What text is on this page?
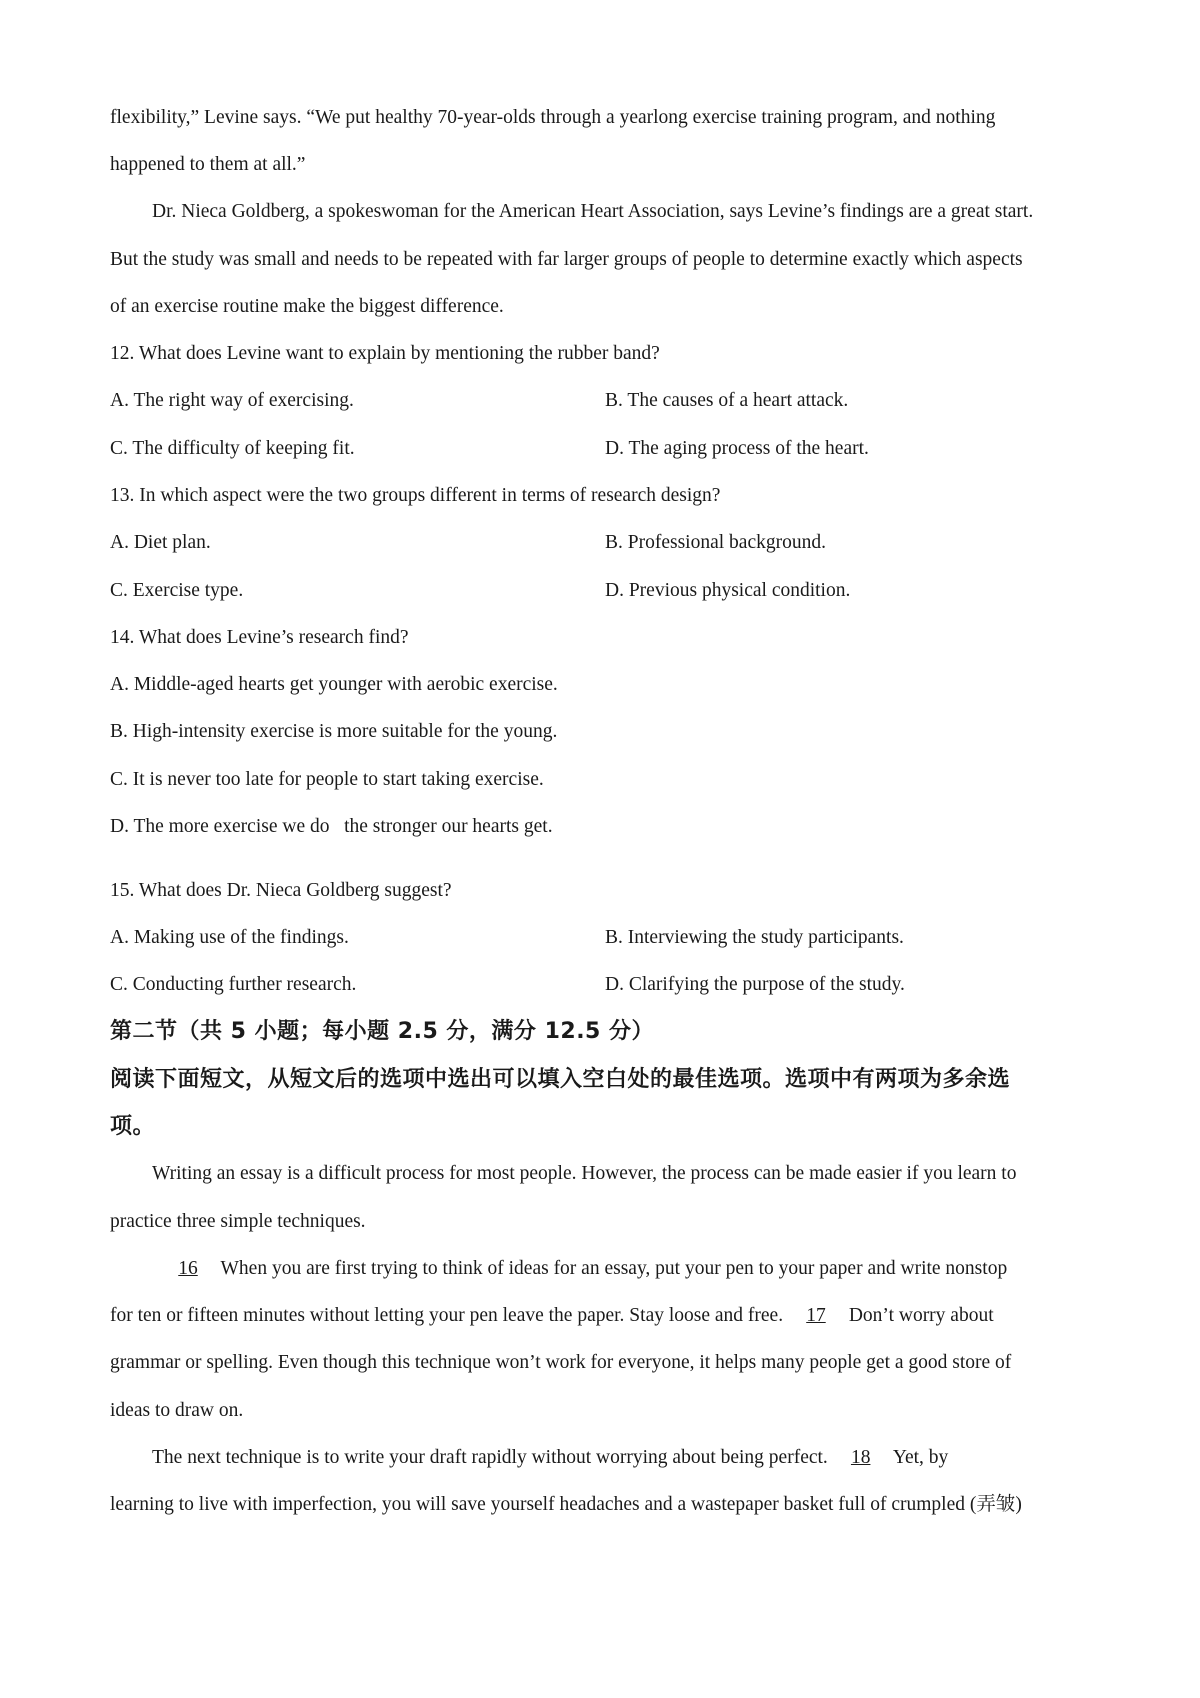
flexibility,” Levine says. “We put healthy 70-year-olds through a yearlong exercise training program, and nothing
happened to them at all.”
Dr. Nieca Goldberg, a spokeswoman for the American Heart Association, says Levine’s findings are a great start.
But the study was small and needs to be repeated with far larger groups of people to determine exactly which aspects
of an exercise routine make the biggest difference.
12. What does Levine want to explain by mentioning the rubber band?
A. The right way of exercising.	B. The causes of a heart attack.
C. The difficulty of keeping fit.	D. The aging process of the heart.
13. In which aspect were the two groups different in terms of research design?
A. Diet plan.	B. Professional background.
C. Exercise type.	D. Previous physical condition.
14. What does Levine’s research find?
A. Middle-aged hearts get younger with aerobic exercise.
B. High-intensity exercise is more suitable for the young.
C. It is never too late for people to start taking exercise.
D. The more exercise we do   the stronger our hearts get.
15. What does Dr. Nieca Goldberg suggest?
A. Making use of the findings.	B. Interviewing the study participants.
C. Conducting further research.	D. Clarifying the purpose of the study.
第二节（共 5 小题；每小题 2.5 分，满分 12.5 分）
阅读下面短文，从短文后的选项中选出可以填入空白处的最佳选项。选项中有两项为多余选
项。
Writing an essay is a difficult process for most people. However, the process can be made easier if you learn to
practice three simple techniques.
16 When you are first trying to think of ideas for an essay, put your pen to your paper and write nonstop
for ten or fifteen minutes without letting your pen leave the paper. Stay loose and free. 17 Don’t worry about
grammar or spelling. Even though this technique won’t work for everyone, it helps many people get a good store of
ideas to draw on.
The next technique is to write your draft rapidly without worrying about being perfect. 18 Yet, by
learning to live with imperfection, you will save yourself headaches and a wastepaper basket full of crumpled (弄皱)
